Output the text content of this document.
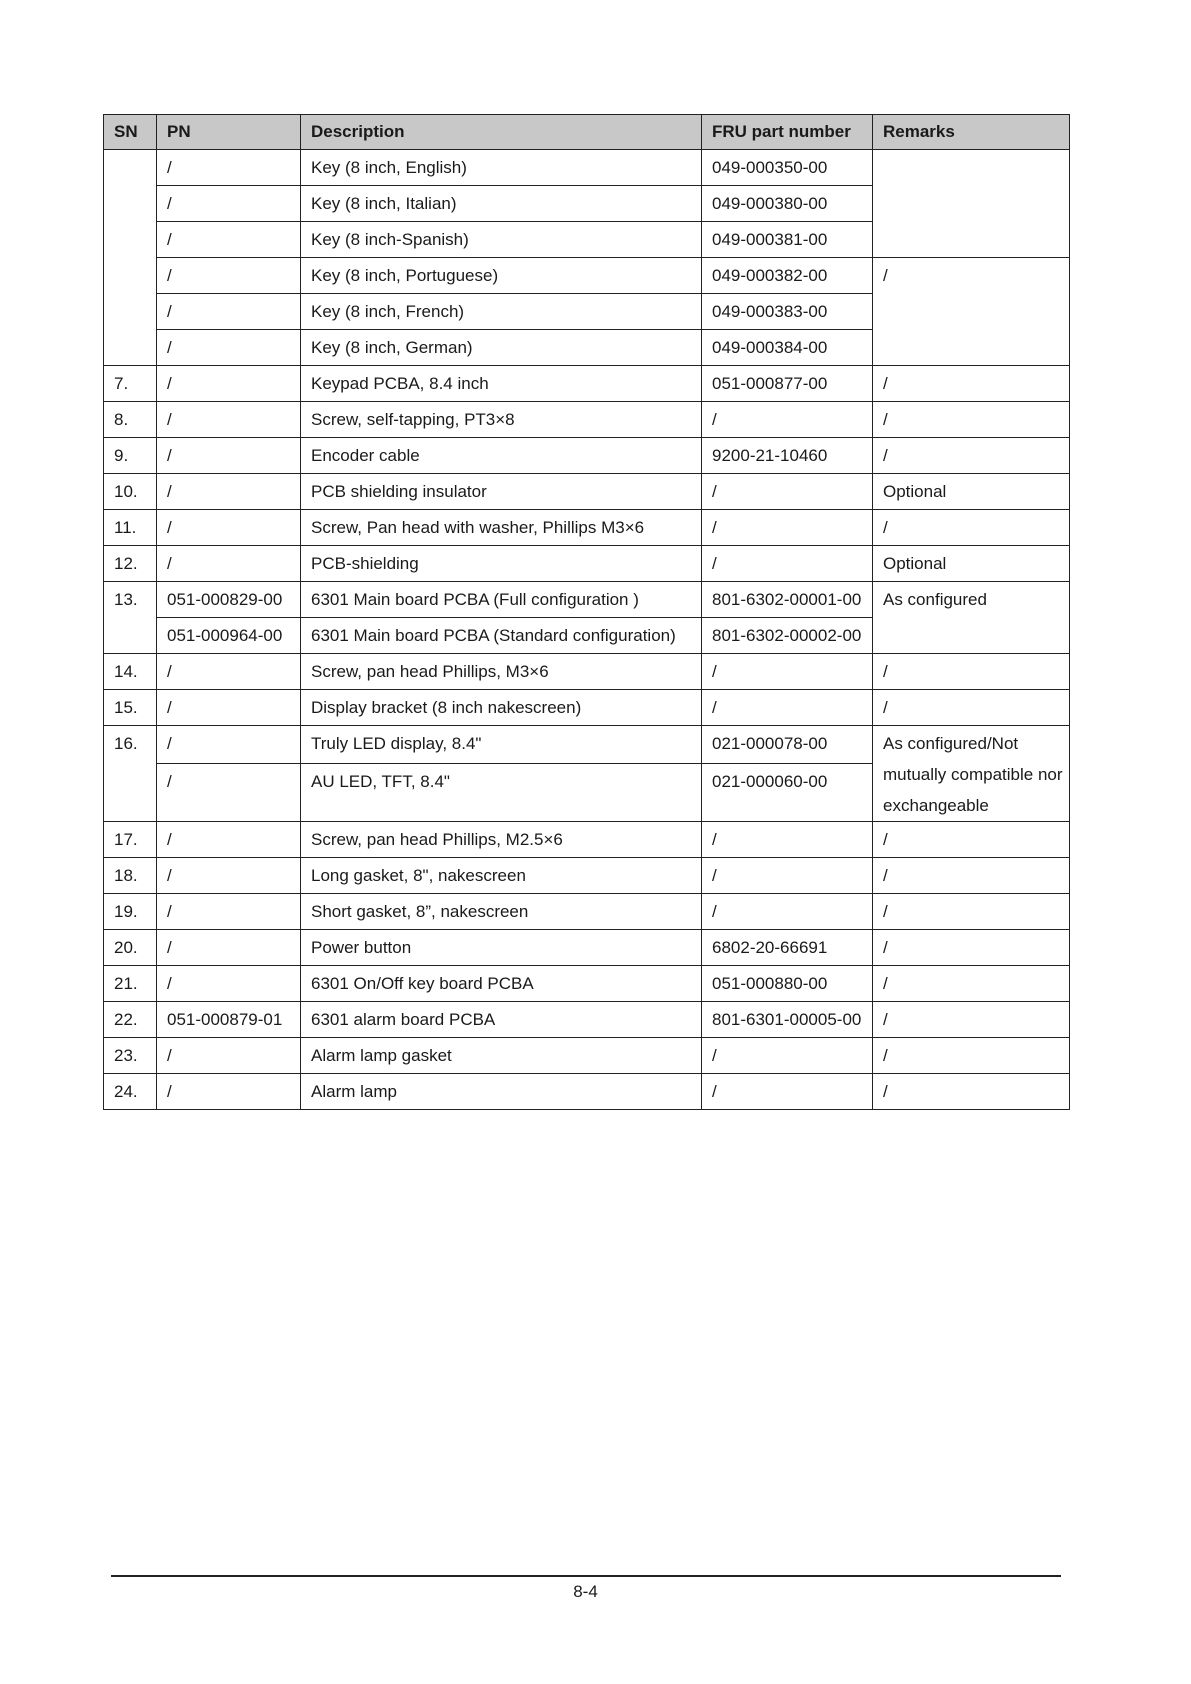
SN	PN	Description	FRU part number	Remarks
	/	Key (8 inch, English)	049-000350-00	
	/	Key (8 inch, Italian)	049-000380-00	
	/	Key (8 inch-Spanish)	049-000381-00	
	/	Key (8 inch, Portuguese)	049-000382-00	/
	/	Key (8 inch, French)	049-000383-00	
	/	Key (8 inch, German)	049-000384-00	
7.	/	Keypad PCBA, 8.4 inch	051-000877-00	/
8.	/	Screw, self-tapping, PT3×8	/	/
9.	/	Encoder cable	9200-21-10460	/
10.	/	PCB shielding insulator	/	Optional
11.	/	Screw, Pan head with washer, Phillips M3×6	/	/
12.	/	PCB-shielding	/	Optional
13.	051-000829-00	6301 Main board PCBA (Full configuration )	801-6302-00001-00	As configured
	051-000964-00	6301 Main board PCBA (Standard configuration)	801-6302-00002-00	
14.	/	Screw, pan head Phillips, M3×6	/	/
15.	/	Display bracket (8 inch nakescreen)	/	/
16.	/	Truly LED display, 8.4"	021-000078-00	As configured/Not mutually compatible nor exchangeable
	/	AU LED, TFT, 8.4"	021-000060-00	
17.	/	Screw, pan head Phillips, M2.5×6	/	/
18.	/	Long gasket, 8", nakescreen	/	/
19.	/	Short gasket, 8”, nakescreen	/	/
20.	/	Power button	6802-20-66691	/
21.	/	6301 On/Off key board PCBA	051-000880-00	/
22.	051-000879-01	6301 alarm board PCBA	801-6301-00005-00	/
23.	/	Alarm lamp gasket	/	/
24.	/	Alarm lamp	/	/
8-4
